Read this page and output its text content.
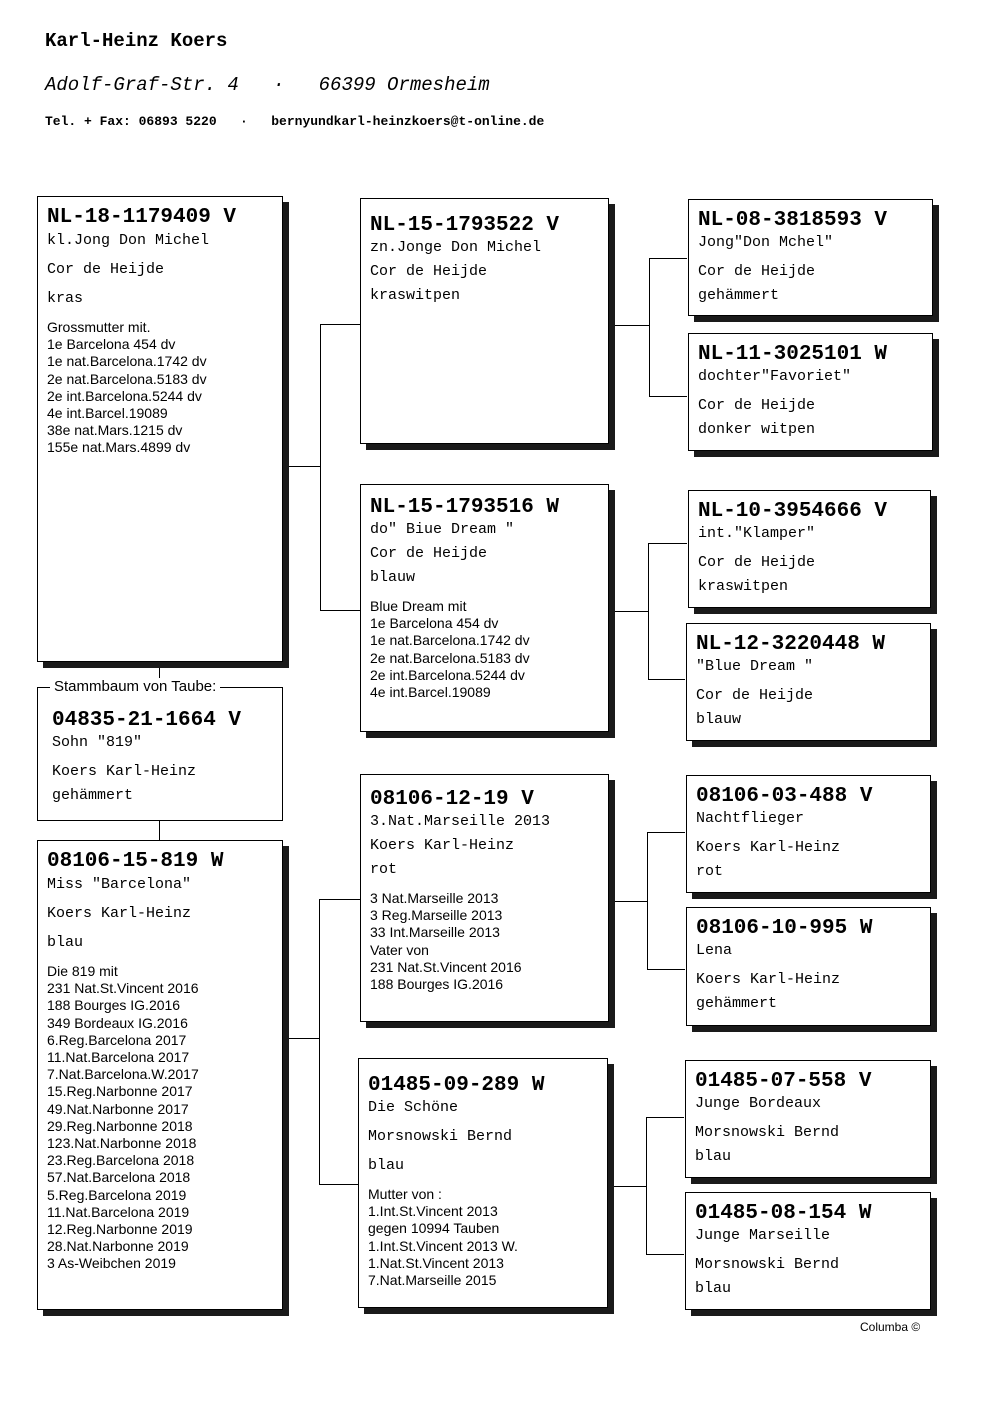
Karl-Heinz Koers
Adolf-Graf-Str. 4   ·   66399 Ormesheim
Tel. + Fax: 06893 5220   ·   bernyundkarl-heinzkoers@t-online.de
NL-18-1179409 V
kl.Jong Don Michel
Cor de Heijde
kras
Grossmutter mit.
1e Barcelona 454 dv
1e nat.Barcelona.1742 dv
2e nat.Barcelona.5183 dv
2e int.Barcelona.5244 dv
4e int.Barcel.19089
38e nat.Mars.1215 dv
155e nat.Mars.4899 dv
Stammbaum von Taube:
04835-21-1664 V
Sohn "819"
Koers Karl-Heinz
gehämmert
08106-15-819 W
Miss "Barcelona"
Koers Karl-Heinz
blau
Die 819 mit
231 Nat.St.Vincent 2016
188 Bourges IG.2016
349 Bordeaux IG.2016
6.Reg.Barcelona 2017
11.Nat.Barcelona 2017
7.Nat.Barcelona.W.2017
15.Reg.Narbonne 2017
49.Nat.Narbonne 2017
29.Reg.Narbonne 2018
123.Nat.Narbonne 2018
23.Reg.Barcelona 2018
57.Nat.Barcelona 2018
5.Reg.Barcelona 2019
11.Nat.Barcelona 2019
12.Reg.Narbonne 2019
28.Nat.Narbonne 2019
3 As-Weibchen 2019
NL-15-1793522 V
zn.Jonge Don Michel
Cor de Heijde
kraswitpen
NL-15-1793516 W
do" Biue Dream "
Cor de Heijde
blauw
Blue Dream mit
1e Barcelona 454 dv
1e nat.Barcelona.1742 dv
2e nat.Barcelona.5183 dv
2e int.Barcelona.5244 dv
4e int.Barcel.19089
08106-12-19 V
3.Nat.Marseille 2013
Koers Karl-Heinz
rot
3 Nat.Marseille 2013
3 Reg.Marseille 2013
33 Int.Marseille 2013
Vater von
231 Nat.St.Vincent 2016
188 Bourges IG.2016
01485-09-289 W
Die Schöne
Morsnowski Bernd
blau
Mutter von :
1.Int.St.Vincent 2013
gegen 10994 Tauben
1.Int.St.Vincent 2013 W.
1.Nat.St.Vincent 2013
7.Nat.Marseille 2015
NL-08-3818593 V
Jong"Don Mchel"
Cor de Heijde
gehämmert
NL-11-3025101 W
dochter"Favoriet"
Cor de Heijde
donker witpen
NL-10-3954666 V
int."Klamper"
Cor de Heijde
kraswitpen
NL-12-3220448 W
"Blue Dream "
Cor de Heijde
blauw
08106-03-488 V
Nachtflieger
Koers Karl-Heinz
rot
08106-10-995 W
Lena
Koers Karl-Heinz
gehämmert
01485-07-558 V
Junge Bordeaux
Morsnowski Bernd
blau
01485-08-154 W
Junge Marseille
Morsnowski Bernd
blau
Columba ©
